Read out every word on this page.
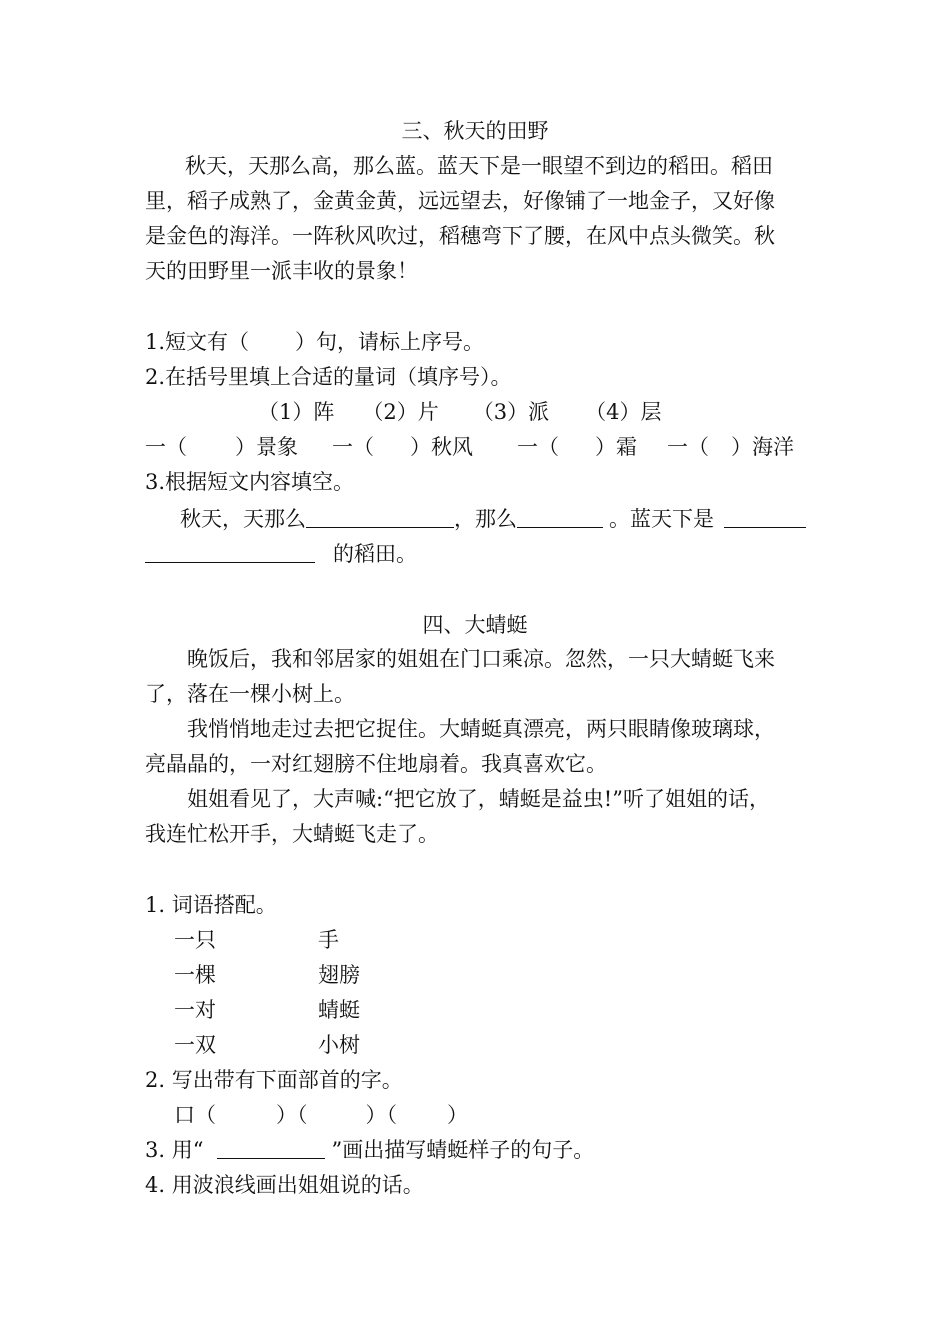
三、秋天的田野
秋天，天那么高，那么蓝。蓝天下是一眼望不到边的稻田。稻田
里，稻子成熟了，金黄金黄，远远望去，好像铺了一地金子，又好像
是金色的海洋。一阵秋风吹过，稻穗弯下了腰，在风中点头微笑。秋
天的田野里一派丰收的景象！
1.短文有（ ）句，请标上序号。
2.在括号里填上合适的量词（填序号）。
（1）阵 （2）片 （3）派 （4）层
一（ ）景象 一（ ）秋风 一（ ）霜 一（ ）海洋
3.根据短文内容填空。
秋天，天那么	，那么	。蓝天下是
的稻田。
四、大蜻蜓
晚饭后，我和邻居家的姐姐在门口乘凉。忽然，一只大蜻蜓飞来
了，落在一棵小树上。
我悄悄地走过去把它捉住。大蜻蜓真漂亮，两只眼睛像玻璃球，
亮晶晶的，一对红翅膀不住地扇着。我真喜欢它。
姐姐看见了，大声喊:“把它放了，蜻蜓是益虫!”听了姐姐的话，
我连忙松开手，大蜻蜓飞走了。
1. 词语搭配。
一只	手
一棵	翅膀
一对	蜻蜓
一双	小树
2. 写出带有下面部首的字。
口（	）（	）（ ）
3. 用“	”画出描写蜻蜓样子的句子。
4. 用波浪线画出姐姐说的话。
